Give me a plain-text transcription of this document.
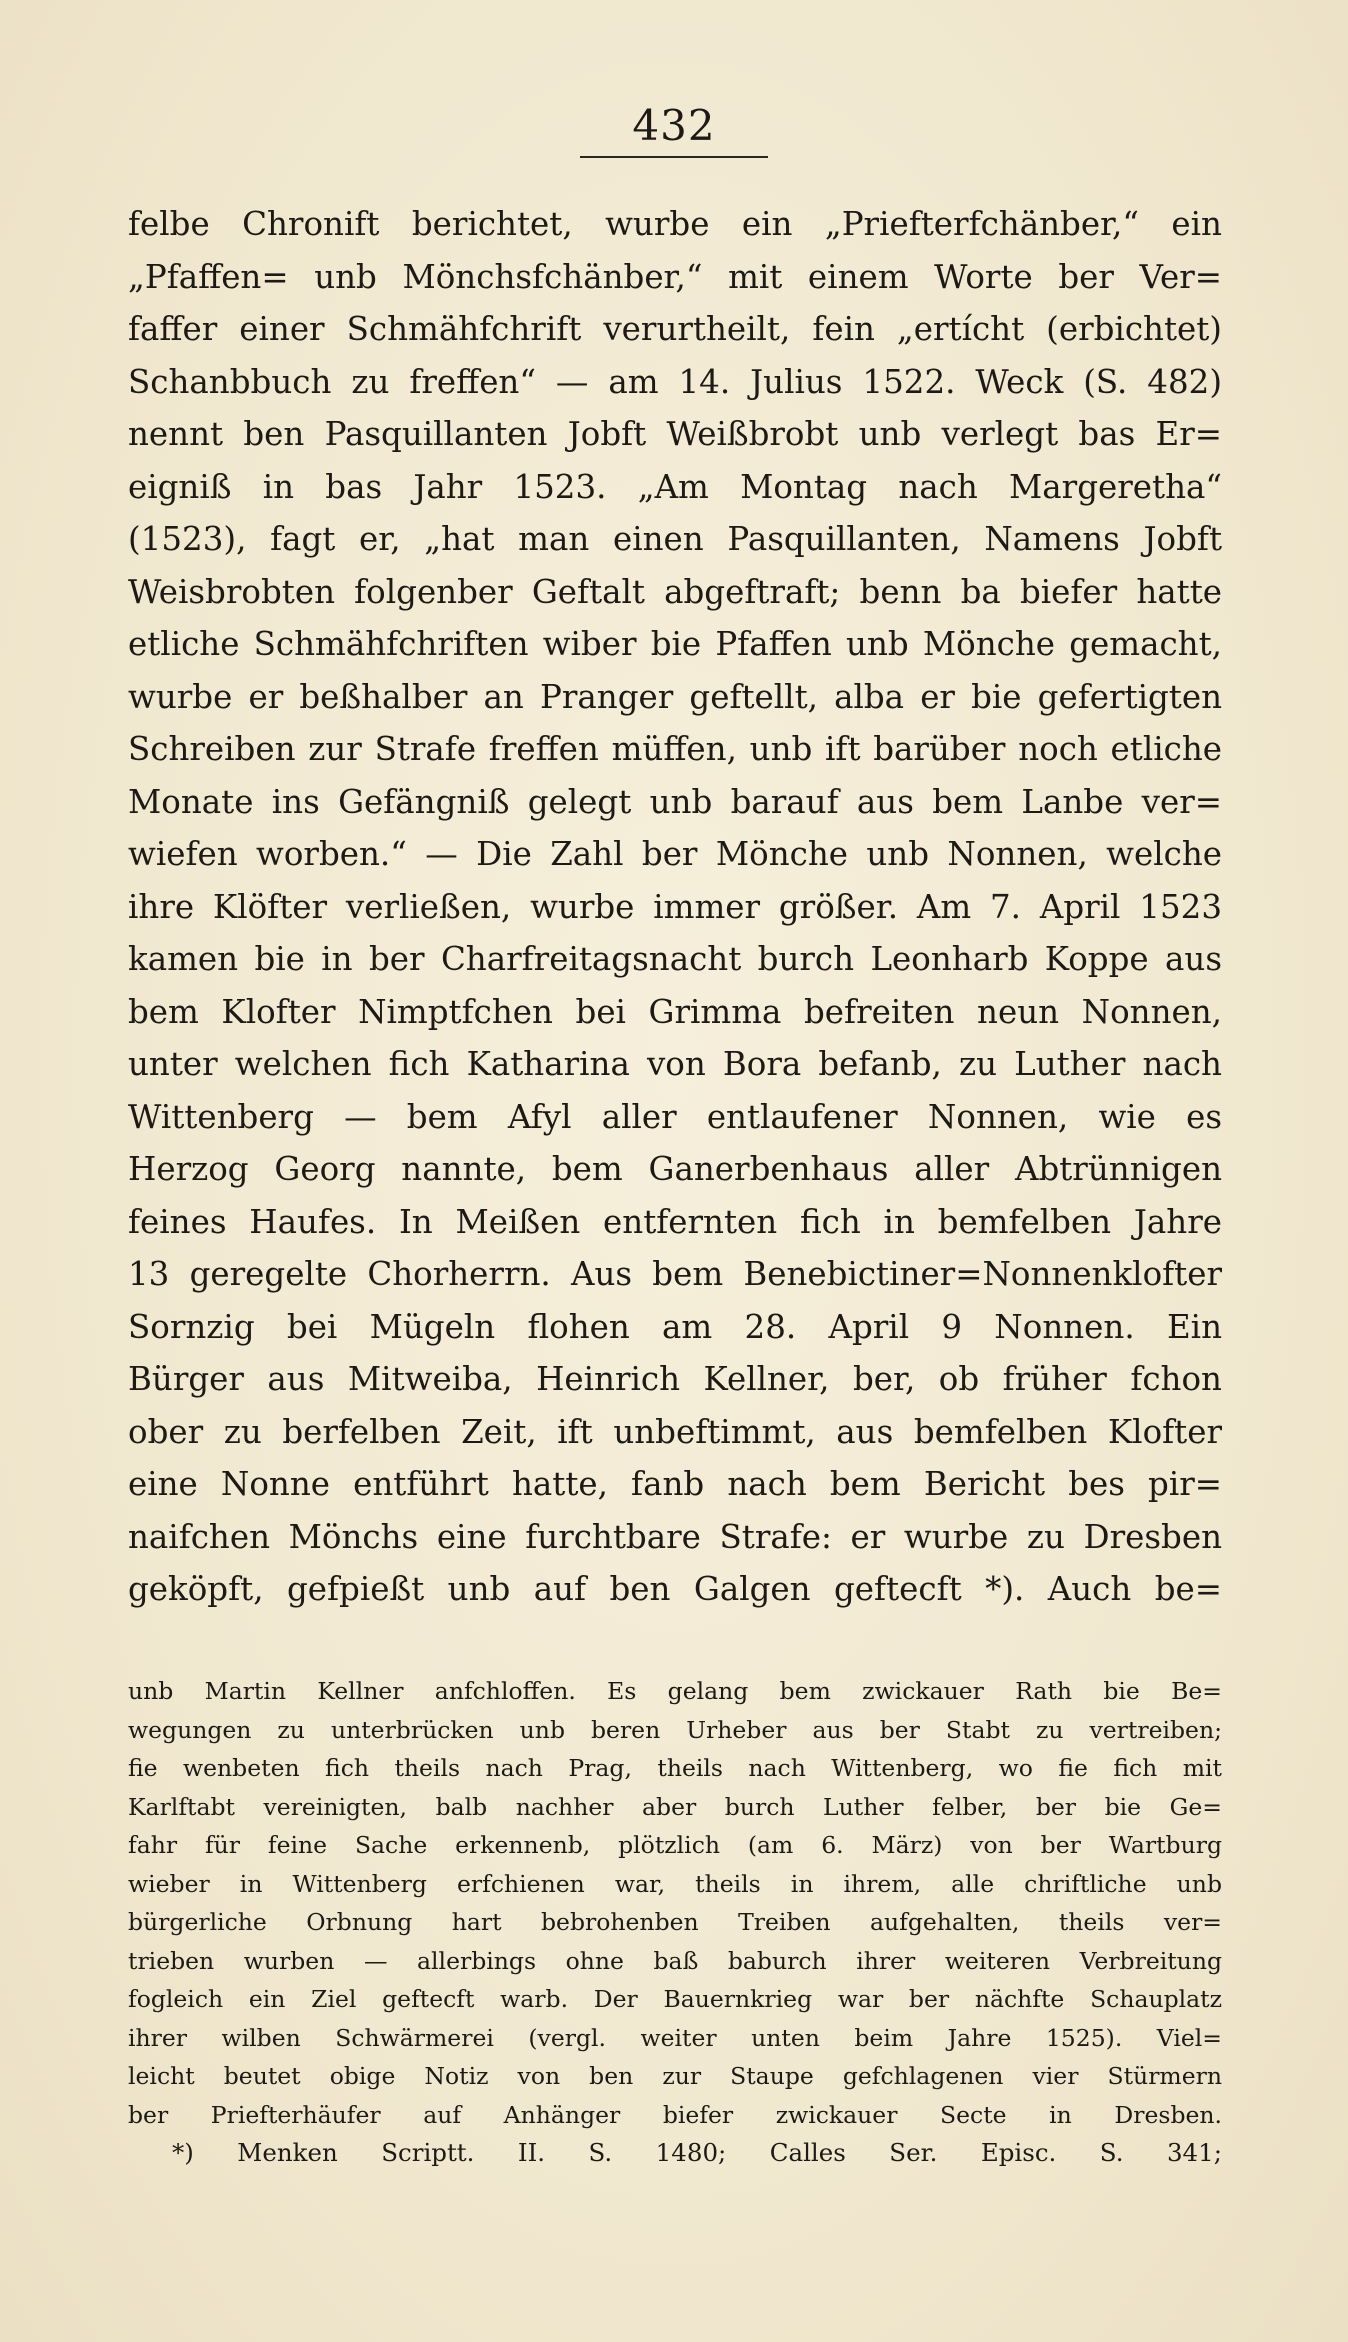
432
felbe Chronift berichtet, wurbe ein „Priefterfchänber,“ ein
„Pfaffen= unb Mönchsfchänber,“ mit einem Worte ber Ver=
faffer einer Schmähfchrift verurtheilt, fein „ertícht (erbichtet)
Schanbbuch zu freffen“ — am 14. Julius 1522. Weck (S. 482)
nennt ben Pasquillanten Jobft Weißbrobt unb verlegt bas Er=
eigniß in bas Jahr 1523. „Am Montag nach Margeretha“
(1523), fagt er, „hat man einen Pasquillanten, Namens Jobft
Weisbrobten folgenber Geftalt abgeftraft; benn ba biefer hatte
etliche Schmähfchriften wiber bie Pfaffen unb Mönche gemacht,
wurbe er beßhalber an Pranger geftellt, alba er bie gefertigten
Schreiben zur Strafe freffen müffen, unb ift barüber noch etliche
Monate ins Gefängniß gelegt unb barauf aus bem Lanbe ver=
wiefen worben.“ — Die Zahl ber Mönche unb Nonnen, welche
ihre Klöfter verließen, wurbe immer größer. Am 7. April 1523
kamen bie in ber Charfreitagsnacht burch Leonharb Koppe aus
bem Klofter Nimptfchen bei Grimma befreiten neun Nonnen,
unter welchen fich Katharina von Bora befanb, zu Luther nach
Wittenberg — bem Afyl aller entlaufener Nonnen, wie es
Herzog Georg nannte, bem Ganerbenhaus aller Abtrünnigen
feines Haufes. In Meißen entfernten fich in bemfelben Jahre
13 geregelte Chorherrn. Aus bem Benebictiner=Nonnenklofter
Sornzig bei Mügeln flohen am 28. April 9 Nonnen. Ein
Bürger aus Mitweiba, Heinrich Kellner, ber, ob früher fchon
ober zu berfelben Zeit, ift unbeftimmt, aus bemfelben Klofter
eine Nonne entführt hatte, fanb nach bem Bericht bes pir=
naifchen Mönchs eine furchtbare Strafe: er wurbe zu Dresben
geköpft, gefpießt unb auf ben Galgen geftecft *). Auch be=
unb Martin Kellner anfchloffen. Es gelang bem zwickauer Rath bie Be=
wegungen zu unterbrücken unb beren Urheber aus ber Stabt zu vertreiben;
fie wenbeten fich theils nach Prag, theils nach Wittenberg, wo fie fich mit
Karlftabt vereinigten, balb nachher aber burch Luther felber, ber bie Ge=
fahr für feine Sache erkennenb, plötzlich (am 6. März) von ber Wartburg
wieber in Wittenberg erfchienen war, theils in ihrem, alle chriftliche unb
bürgerliche Orbnung hart bebrohenben Treiben aufgehalten, theils ver=
trieben wurben — allerbings ohne baß baburch ihrer weiteren Verbreitung
fogleich ein Ziel geftecft warb. Der Bauernkrieg war ber nächfte Schauplatz
ihrer wilben Schwärmerei (vergl. weiter unten beim Jahre 1525). Viel=
leicht beutet obige Notiz von ben zur Staupe gefchlagenen vier Stürmern
ber Priefterhäufer auf Anhänger biefer zwickauer Secte in Dresben.
*) Menken Scriptt. II. S. 1480; Calles Ser. Episc. S. 341;
